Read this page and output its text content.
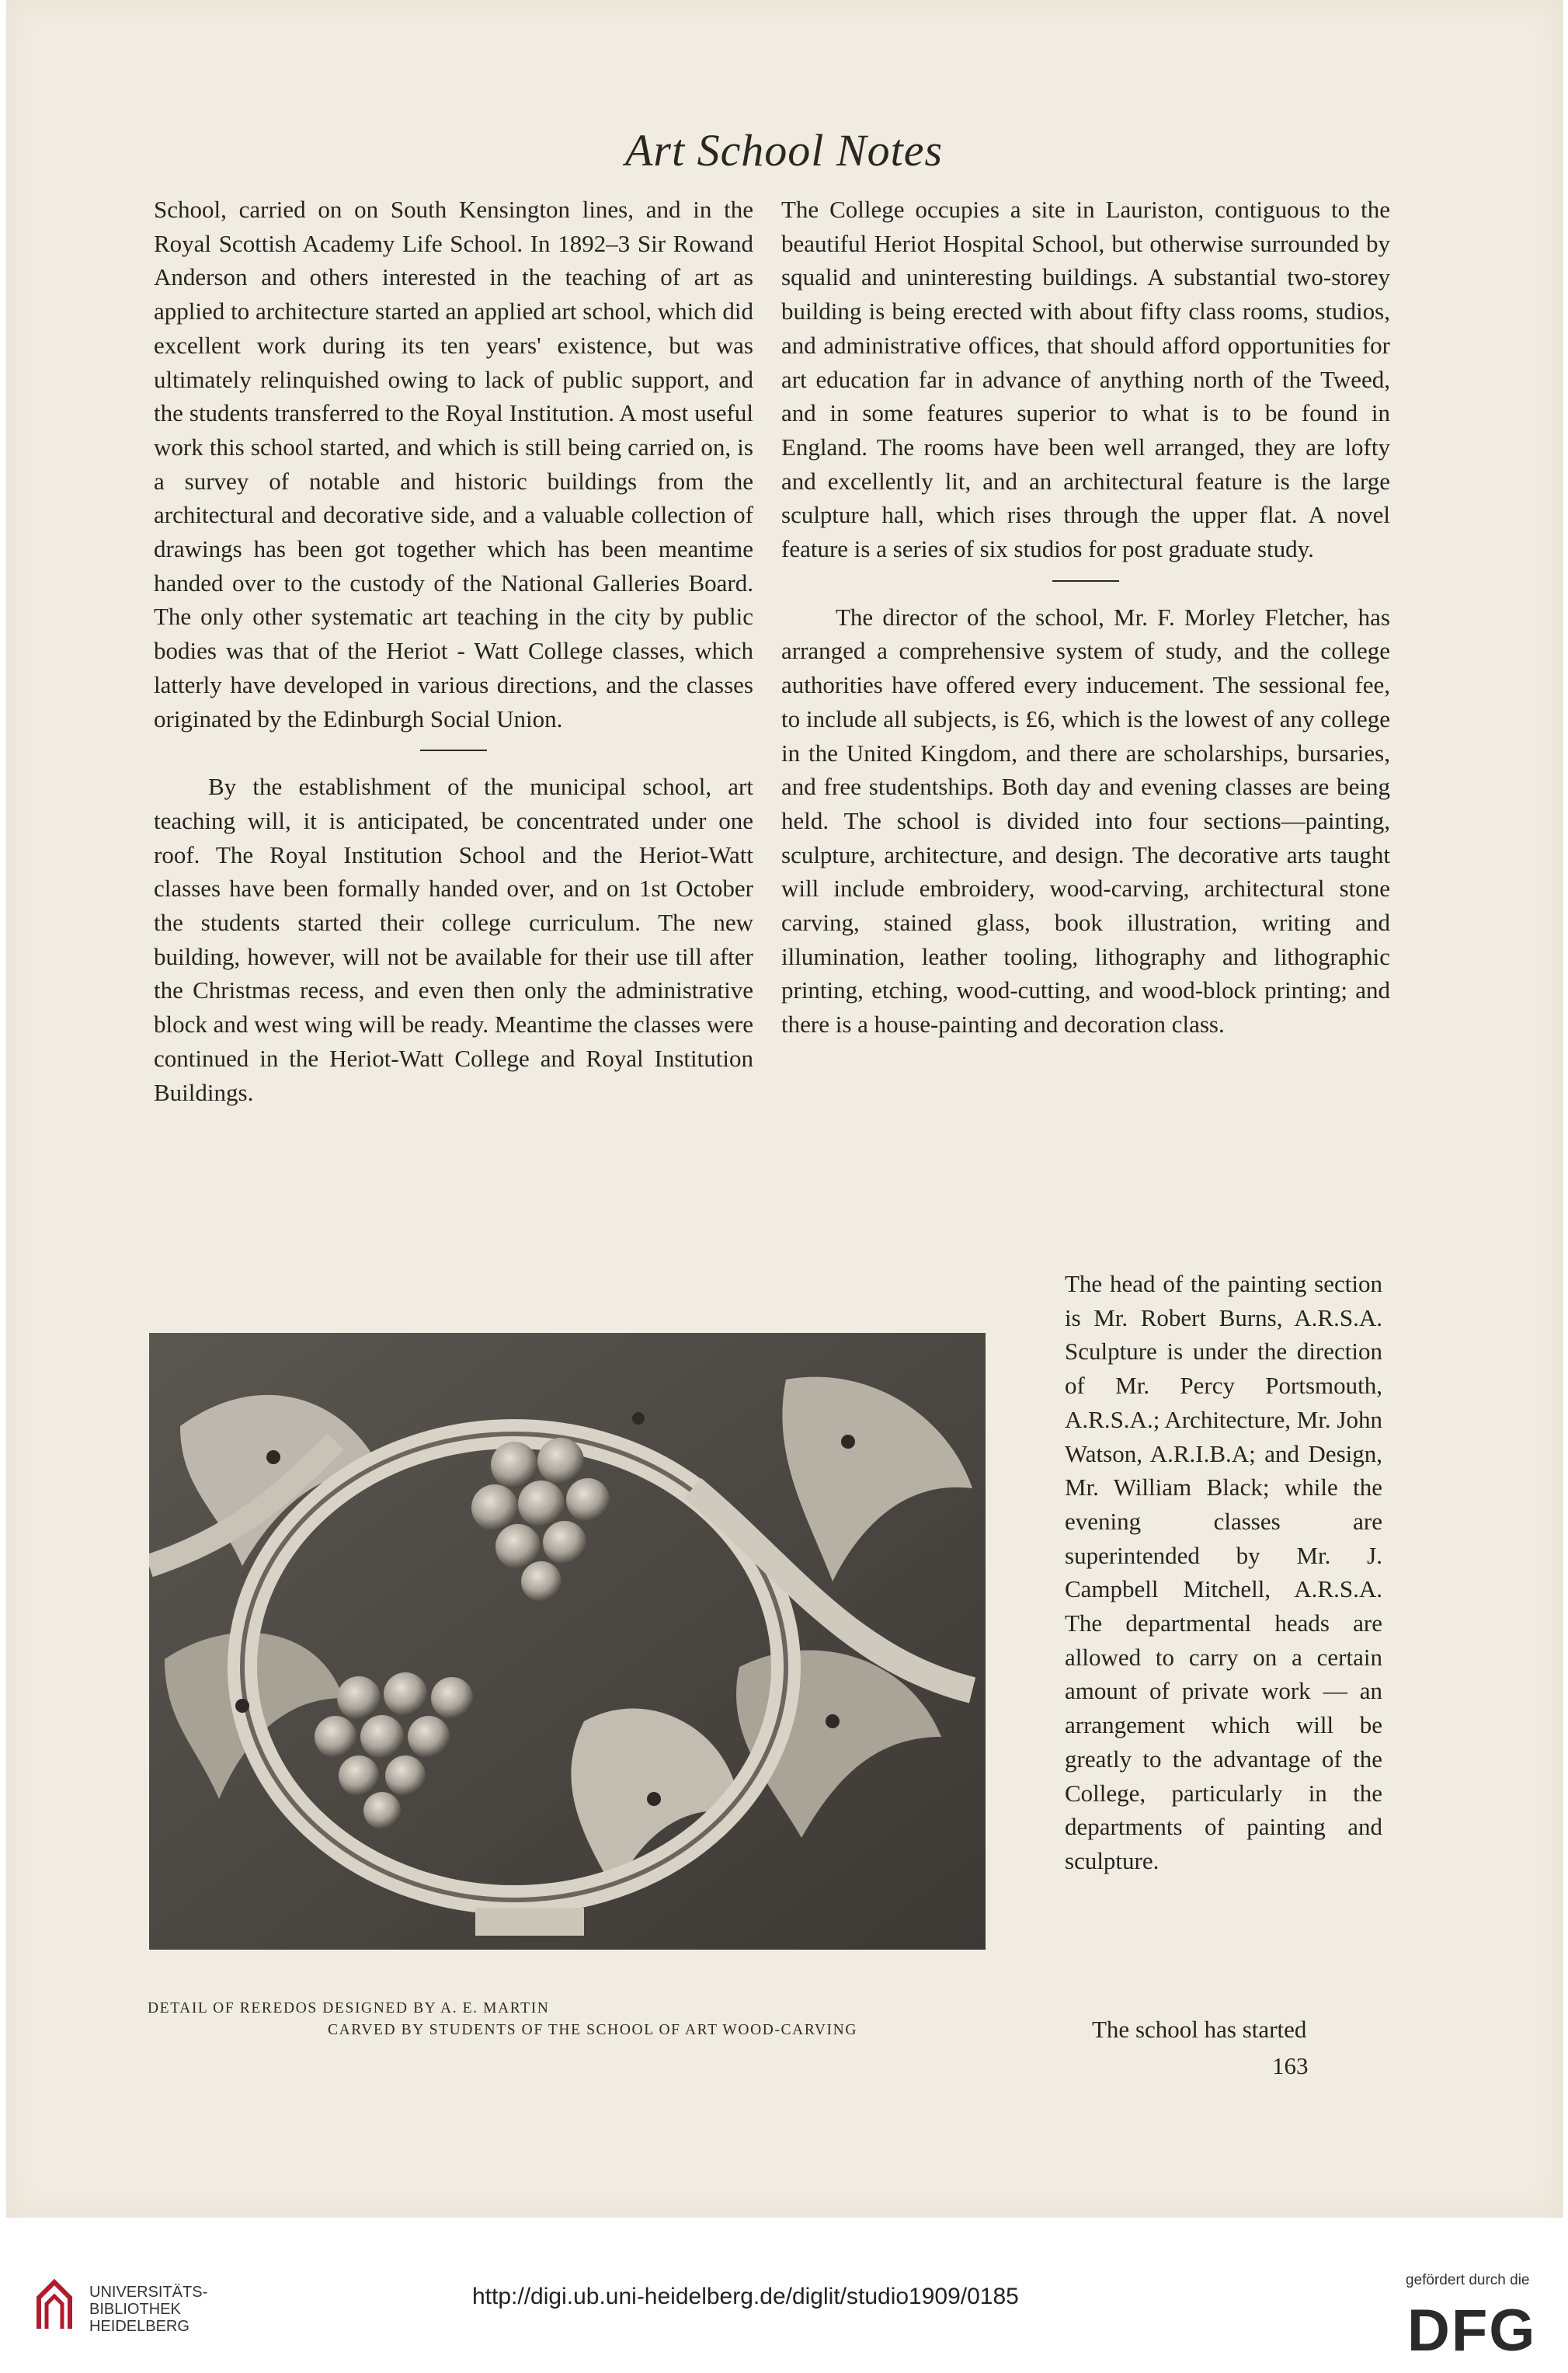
Art School Notes

School, carried on on South Kensington lines, and in the Royal Scottish Academy Life School. In 1892–3 Sir Rowand Anderson and others interested in the teaching of art as applied to architecture started an applied art school, which did excellent work during its ten years' existence, but was ultimately relinquished owing to lack of public support, and the students transferred to the Royal Institution. A most useful work this school started, and which is still being carried on, is a survey of notable and historic buildings from the architectural and decorative side, and a valuable collection of drawings has been got together which has been meantime handed over to the custody of the National Galleries Board. The only other systematic art teaching in the city by public bodies was that of the Heriot - Watt College classes, which latterly have developed in various directions, and the classes originated by the Edinburgh Social Union.

By the establishment of the municipal school, art teaching will, it is anticipated, be concentrated under one roof. The Royal Institution School and the Heriot-Watt classes have been formally handed over, and on 1st October the students started their college curriculum. The new building, however, will not be available for their use till after the Christmas recess, and even then only the administrative block and west wing will be ready. Meantime the classes were continued in the Heriot-Watt College and Royal Institution Buildings.

The College occupies a site in Lauriston, contiguous to the beautiful Heriot Hospital School, but otherwise surrounded by squalid and uninteresting buildings. A substantial two-storey building is being erected with about fifty class rooms, studios, and administrative offices, that should afford opportunities for art education far in advance of anything north of the Tweed, and in some features superior to what is to be found in England. The rooms have been well arranged, they are lofty and excellently lit, and an architectural feature is the large sculpture hall, which rises through the upper flat. A novel feature is a series of six studios for post graduate study.

The director of the school, Mr. F. Morley Fletcher, has arranged a comprehensive system of study, and the college authorities have offered every inducement. The sessional fee, to include all subjects, is £6, which is the lowest of any college in the United Kingdom, and there are scholarships, bursaries, and free studentships. Both day and evening classes are being held. The school is divided into four sections—painting, sculpture, architecture, and design. The decorative arts taught will include embroidery, wood-carving, architectural stone carving, stained glass, book illustration, writing and illumination, leather tooling, lithography and lithographic printing, etching, wood-cutting, and wood-block printing; and there is a house-painting and decoration class.

The head of the painting section is Mr. Robert Burns, A.R.S.A. Sculpture is under the direction of Mr. Percy Portsmouth, A.R.S.A.; Architecture, Mr. John Watson, A.R.I.B.A; and Design, Mr. William Black; while the evening classes are superintended by Mr. J. Campbell Mitchell, A.R.S.A. The departmental heads are allowed to carry on a certain amount of private work — an arrangement which will be greatly to the advantage of the College, particularly in the departments of painting and sculpture.

DETAIL OF REREDOS DESIGNED BY A. E. MARTIN
CARVED BY STUDENTS OF THE SCHOOL OF ART WOOD-CARVING	The school has started
163
UNIVERSITÄTS-
BIBLIOTHEK
HEIDELBERG
http://digi.ub.uni-heidelberg.de/diglit/studio1909/0185
gefördert durch die
DFG
